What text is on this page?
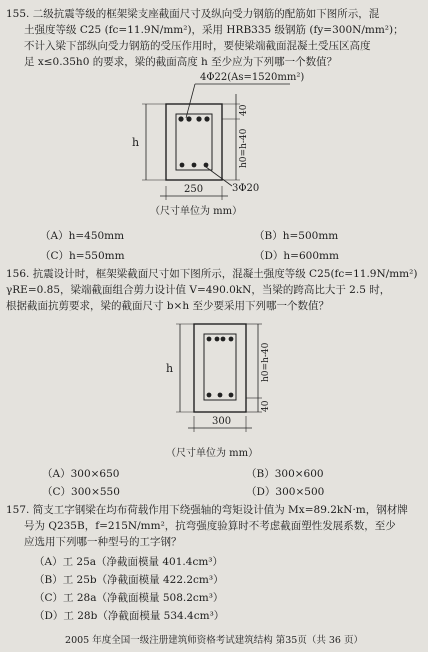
155. 二级抗震等级的框架梁支座截面尺寸及纵向受力钢筋的配筋如下图所示，混
土强度等级 C25 (fc=11.9N/mm²)，采用 HRB335 级钢筋 (fy=300N/mm²)；
不计入梁下部纵向受力钢筋的受压作用时，要使梁端截面混凝土受压区高度
足 x≤0.35h0 的要求，梁的截面高度 h 至少应为下列哪一个数值？
4Φ22(As=1520mm²)
h
40
h0=h-40
250	3Φ20
（尺寸单位为 mm）
（A）h=450mm	（B）h=500mm
（C）h=550mm	（D）h=600mm
156. 抗震设计时，框架梁截面尺寸如下图所示，混凝土强度等级 C25(fc=11.9N/mm²)
γRE=0.85，梁端截面组合剪力设计值 V=490.0kN，当梁的跨高比大于 2.5 时，
根据截面抗剪要求，梁的截面尺寸 b×h 至少要采用下列哪一个数值？
h	h0=h-40
40
300
（尺寸单位为 mm）
（A）300×650	（B）300×600
（C）300×550	（D）300×500
157. 简支工字钢梁在均布荷载作用下绕强轴的弯矩设计值为 Mx=89.2kN·m，钢材牌
号为 Q235B，f=215N/mm²，抗弯强度验算时不考虑截面塑性发展系数，至少
应选用下列哪一种型号的工字钢？
（A）工 25a（净截面模量 401.4cm³）
（B）工 25b（净截面模量 422.2cm³）
（C）工 28a（净截面模量 508.2cm³）
（D）工 28b（净截面模量 534.4cm³）
2005 年度全国一级注册建筑师资格考试建筑结构 第35页（共 36 页）
